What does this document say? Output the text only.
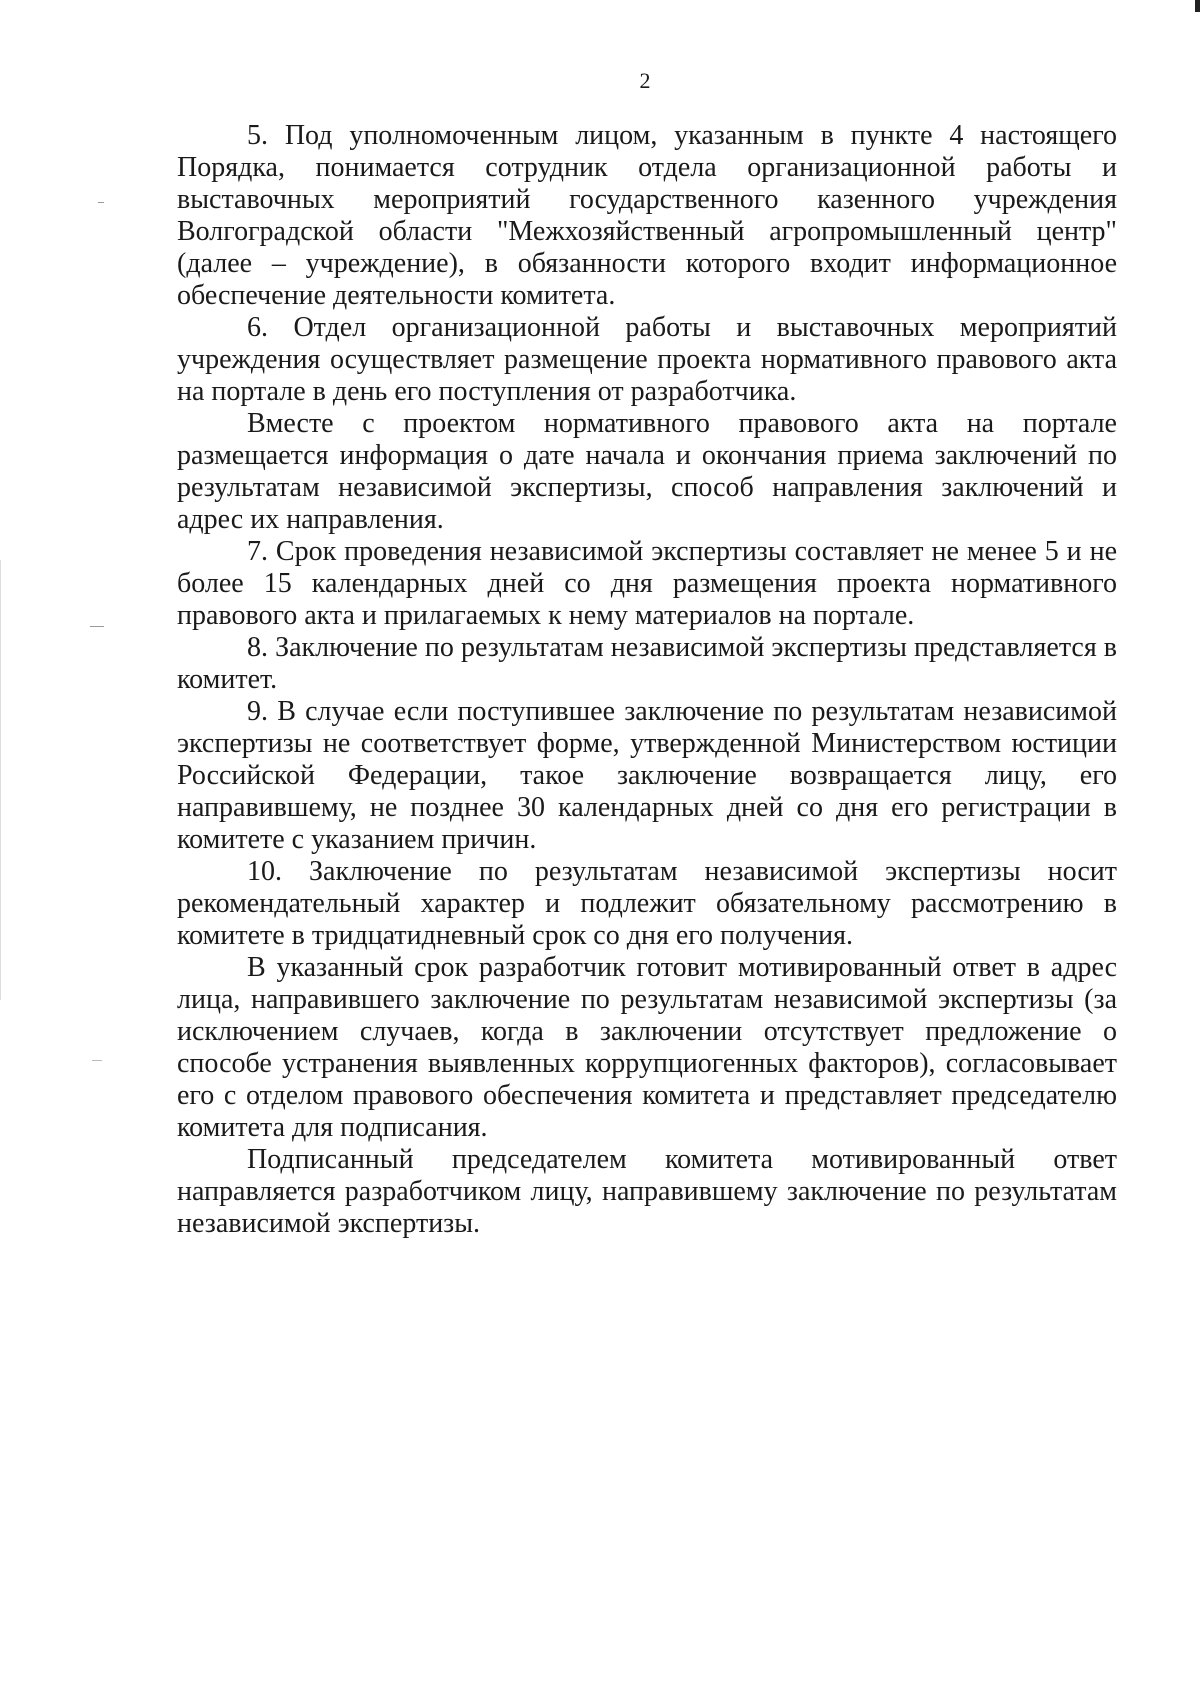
2

5. Под уполномоченным лицом, указанным в пункте 4 настоящего Порядка, понимается сотрудник отдела организационной работы и выставочных мероприятий государственного казенного учреждения Волгоградской области "Межхозяйственный агропромышленный центр" (далее – учреждение), в обязанности которого входит информационное обеспечение деятельности комитета.

6. Отдел организационной работы и выставочных мероприятий учреждения осуществляет размещение проекта нормативного правового акта на портале в день его поступления от разработчика.

Вместе с проектом нормативного правового акта на портале размещается информация о дате начала и окончания приема заключений по результатам независимой экспертизы, способ направления заключений и адрес их направления.

7. Срок проведения независимой экспертизы составляет не менее 5 и не более 15 календарных дней со дня размещения проекта нормативного правового акта и прилагаемых к нему материалов на портале.

8. Заключение по результатам независимой экспертизы представляется в комитет.

9. В случае если поступившее заключение по результатам независимой экспертизы не соответствует форме, утвержденной Министерством юстиции Российской Федерации, такое заключение возвращается лицу, его направившему, не позднее 30 календарных дней со дня его регистрации в комитете с указанием причин.

10. Заключение по результатам независимой экспертизы носит рекомендательный характер и подлежит обязательному рассмотрению в комитете в тридцатидневный срок со дня его получения.

В указанный срок разработчик готовит мотивированный ответ в адрес лица, направившего заключение по результатам независимой экспертизы (за исключением случаев, когда в заключении отсутствует предложение о способе устранения выявленных коррупциогенных факторов), согласовывает его с отделом правового обеспечения комитета и представляет председателю комитета для подписания.

Подписанный председателем комитета мотивированный ответ направляется разработчиком лицу, направившему заключение по результатам независимой экспертизы.
